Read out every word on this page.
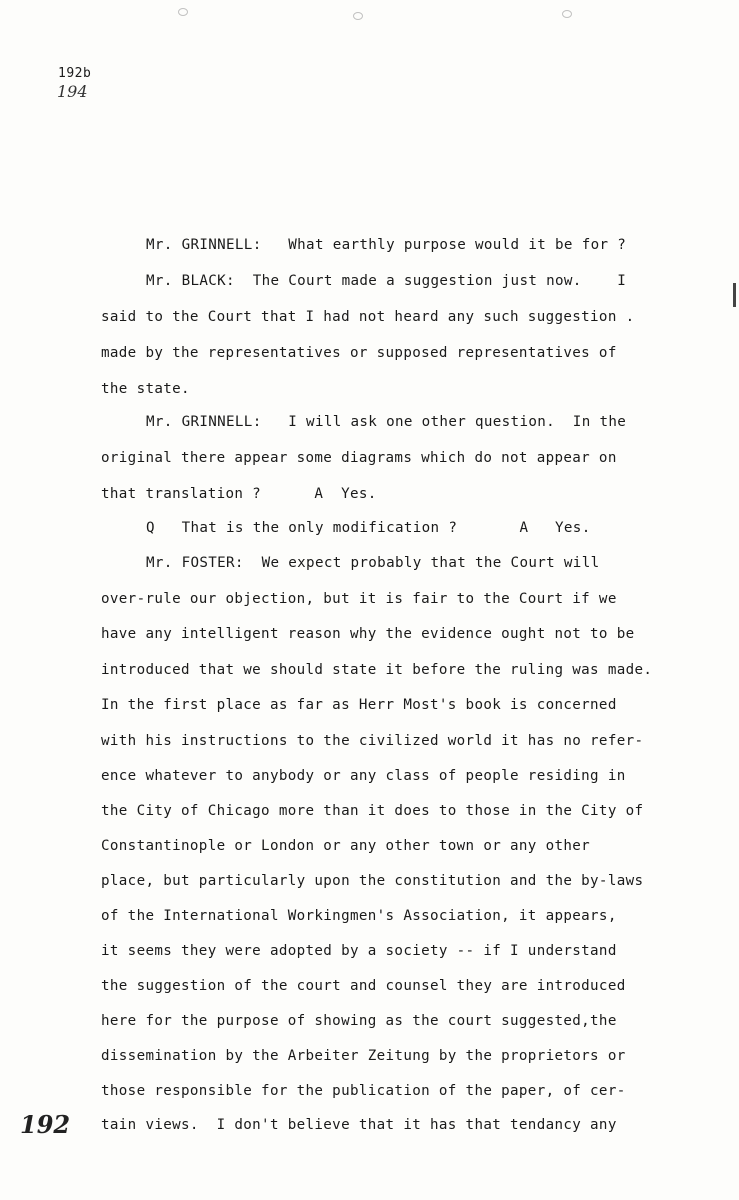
192b
194
Mr. GRINNELL:   What earthly purpose would it be for ?
Mr. BLACK:  The Court made a suggestion just now.    I
said to the Court that I had not heard any such suggestion .
made by the representatives or supposed representatives of
the state.
Mr. GRINNELL:   I will ask one other question.  In the
original there appear some diagrams which do not appear on
that translation ?      A  Yes.
Q   That is the only modification ?       A   Yes.
Mr. FOSTER:  We expect probably that the Court will
over-rule our objection, but it is fair to the Court if we
have any intelligent reason why the evidence ought not to be
introduced that we should state it before the ruling was made.
In the first place as far as Herr Most's book is concerned
with his instructions to the civilized world it has no refer-
ence whatever to anybody or any class of people residing in
the City of Chicago more than it does to those in the City of
Constantinople or London or any other town or any other
place, but particularly upon the constitution and the by-laws
of the International Workingmen's Association, it appears,
it seems they were adopted by a society -- if I understand
the suggestion of the court and counsel they are introduced
here for the purpose of showing as the court suggested,the
dissemination by the Arbeiter Zeitung by the proprietors or
those responsible for the publication of the paper, of cer-
tain views.  I don't believe that it has that tendancy any
192
